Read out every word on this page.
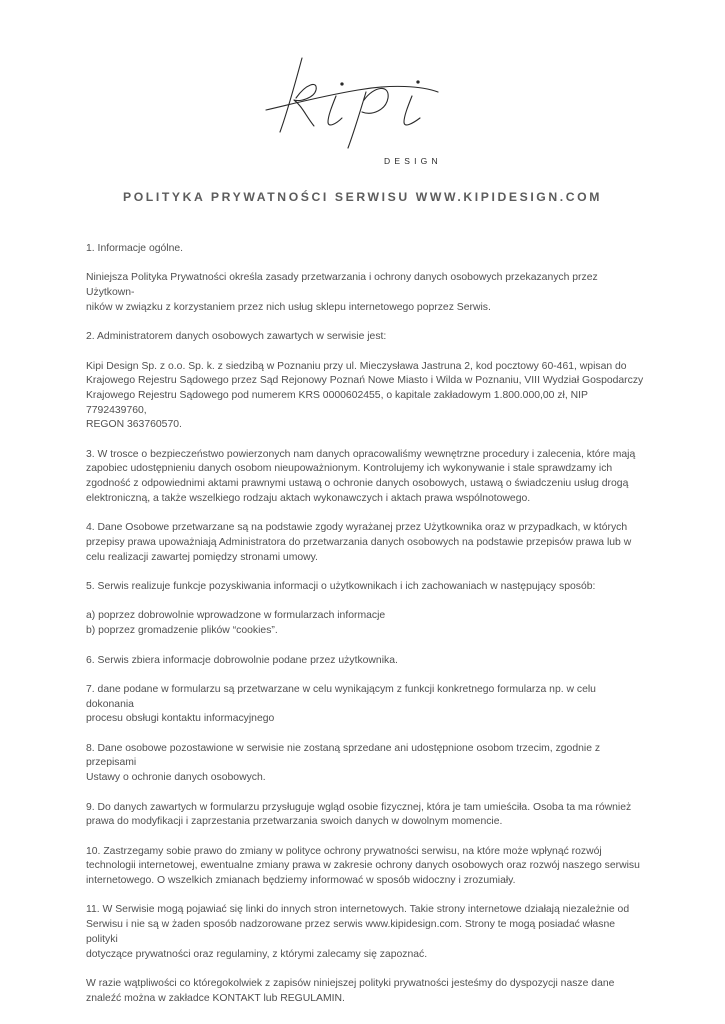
DESIGN
POLITYKA PRYWATNOŚCI SERWISU WWW.KIPIDESIGN.COM

1. Informacje ogólne.

Niniejsza Polityka Prywatności określa zasady przetwarzania i ochrony danych osobowych przekazanych przez Użytkown-
ników w związku z korzystaniem przez nich usług sklepu internetowego poprzez Serwis.

2. Administratorem danych osobowych zawartych w serwisie jest:

Kipi Design Sp. z o.o. Sp. k. z siedzibą w Poznaniu przy ul. Mieczysława Jastruna 2, kod pocztowy 60-461, wpisan do
Krajowego Rejestru Sądowego przez Sąd Rejonowy Poznań Nowe Miasto i Wilda w Poznaniu, VIII Wydział Gospodarczy
Krajowego Rejestru Sądowego pod numerem KRS 0000602455, o kapitale zakładowym 1.800.000,00 zł, NIP 7792439760,
REGON 363760570.

3. W trosce o bezpieczeństwo powierzonych nam danych opracowaliśmy wewnętrzne procedury i zalecenia, które mają
zapobiec udostępnieniu danych osobom nieupoważnionym. Kontrolujemy ich wykonywanie i stale sprawdzamy ich
zgodność z odpowiednimi aktami prawnymi ustawą o ochronie danych osobowych, ustawą o świadczeniu usług drogą
elektroniczną, a także wszelkiego rodzaju aktach wykonawczych i aktach prawa wspólnotowego.

4. Dane Osobowe przetwarzane są na podstawie zgody wyrażanej przez Użytkownika oraz w przypadkach, w których
przepisy prawa upoważniają Administratora do przetwarzania danych osobowych na podstawie przepisów prawa lub w
celu realizacji zawartej pomiędzy stronami umowy.

5. Serwis realizuje funkcje pozyskiwania informacji o użytkownikach i ich zachowaniach w następujący sposób:

a) poprzez dobrowolnie wprowadzone w formularzach informacje
b) poprzez gromadzenie plików “cookies”.

6. Serwis zbiera informacje dobrowolnie podane przez użytkownika.

7. dane podane w formularzu są przetwarzane w celu wynikającym z funkcji konkretnego formularza np. w celu dokonania
procesu obsługi kontaktu informacyjnego

8. Dane osobowe pozostawione w serwisie nie zostaną sprzedane ani udostępnione osobom trzecim, zgodnie z przepisami
Ustawy o ochronie danych osobowych.

9. Do danych zawartych w formularzu przysługuje wgląd osobie fizycznej, która je tam umieściła. Osoba ta ma również
prawa do modyfikacji i zaprzestania przetwarzania swoich danych w dowolnym momencie.

10. Zastrzegamy sobie prawo do zmiany w polityce ochrony prywatności serwisu, na które może wpłynąć rozwój
technologii internetowej, ewentualne zmiany prawa w zakresie ochrony danych osobowych oraz rozwój naszego serwisu
internetowego. O wszelkich zmianach będziemy informować w sposób widoczny i zrozumiały.

11. W Serwisie mogą pojawiać się linki do innych stron internetowych. Takie strony internetowe działają niezależnie od
Serwisu i nie są w żaden sposób nadzorowane przez serwis www.kipidesign.com. Strony te mogą posiadać własne polityki
dotyczące prywatności oraz regulaminy, z którymi zalecamy się zapoznać.

W razie wątpliwości co któregokolwiek z zapisów niniejszej polityki prywatności jesteśmy do dyspozycji nasze dane
znaleźć można w zakładce KONTAKT lub REGULAMIN.
